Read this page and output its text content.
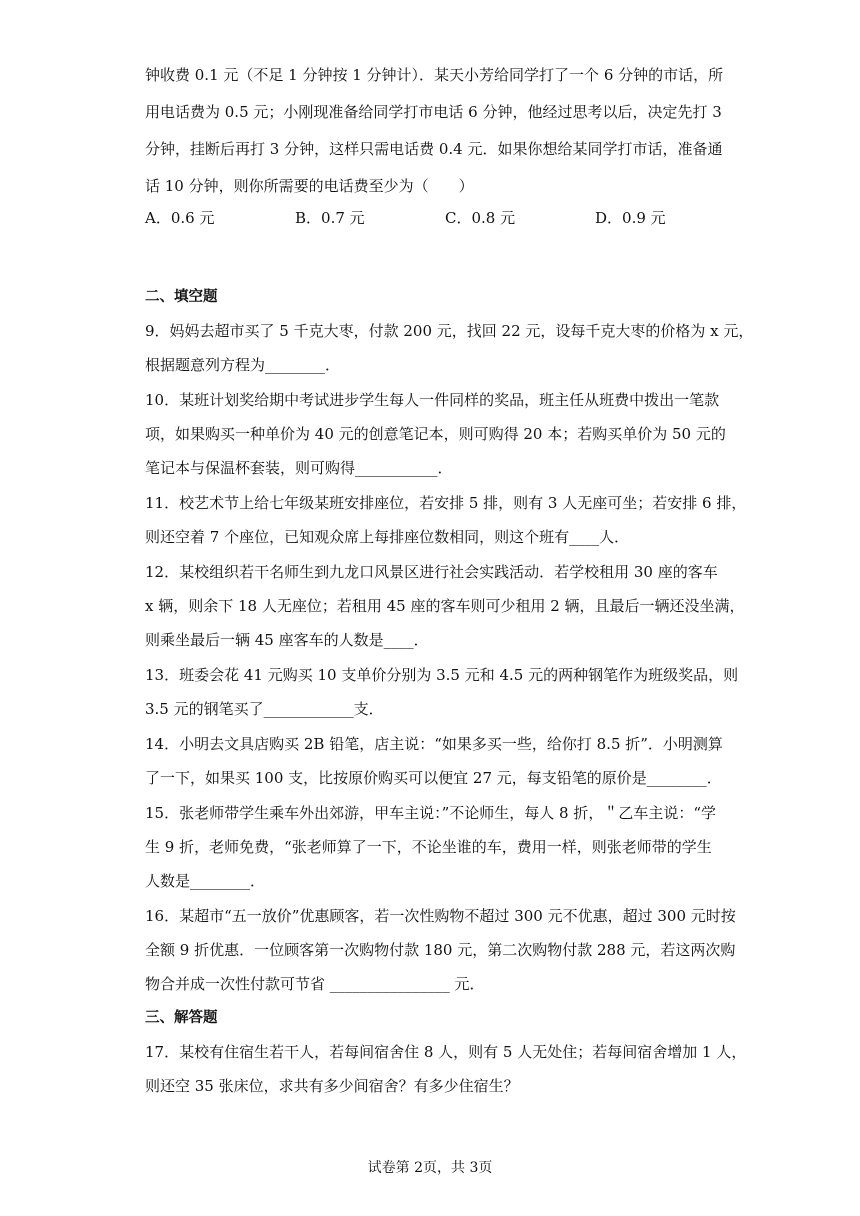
钟收费 0.1 元（不足 1 分钟按 1 分钟计）．某天小芳给同学打了一个 6 分钟的市话，所
用电话费为 0.5 元；小刚现准备给同学打市电话 6 分钟，他经过思考以后，决定先打 3
分钟，挂断后再打 3 分钟，这样只需电话费 0.4 元．如果你想给某同学打市话，准备通
话 10 分钟，则你所需要的电话费至少为（　　）
A．0.6 元	B．0.7 元	C．0.8 元	D．0.9 元
二、填空题
9．妈妈去超市买了 5 千克大枣，付款 200 元，找回 22 元，设每千克大枣的价格为 x 元，
根据题意列方程为________．
10．某班计划奖给期中考试进步学生每人一件同样的奖品，班主任从班费中拨出一笔款
项，如果购买一种单价为 40 元的创意笔记本，则可购得 20 本；若购买单价为 50 元的
笔记本与保温杯套装，则可购得___________．
11．校艺术节上给七年级某班安排座位，若安排 5 排，则有 3 人无座可坐；若安排 6 排，
则还空着 7 个座位，已知观众席上每排座位数相同，则这个班有____人．
12．某校组织若干名师生到九龙口风景区进行社会实践活动．若学校租用 30 座的客车
x 辆，则余下 18 人无座位；若租用 45 座的客车则可少租用 2 辆，且最后一辆还没坐满，
则乘坐最后一辆 45 座客车的人数是____．
13．班委会花 41 元购买 10 支单价分别为 3.5 元和 4.5 元的两种钢笔作为班级奖品，则
3.5 元的钢笔买了____________支．
14．小明去文具店购买 2B 铅笔，店主说：“如果多买一些，给你打 8.5 折”．小明测算
了一下，如果买 100 支，比按原价购买可以便宜 27 元，每支铅笔的原价是________．
15．张老师带学生乘车外出郊游，甲车主说：”不论师生，每人 8 折，＂乙车主说：“学
生 9 折，老师免费，“张老师算了一下，不论坐谁的车，费用一样，则张老师带的学生
人数是________．
16．某超市“五一放价”优惠顾客，若一次性购物不超过 300 元不优惠，超过 300 元时按
全额 9 折优惠．一位顾客第一次购物付款 180 元，第二次购物付款 288 元，若这两次购
物合并成一次性付款可节省 ________________ 元．
三、解答题
17．某校有住宿生若干人，若每间宿舍住 8 人，则有 5 人无处住；若每间宿舍增加 1 人，
则还空 35 张床位，求共有多少间宿舍？有多少住宿生？
试卷第 2页，共 3页
